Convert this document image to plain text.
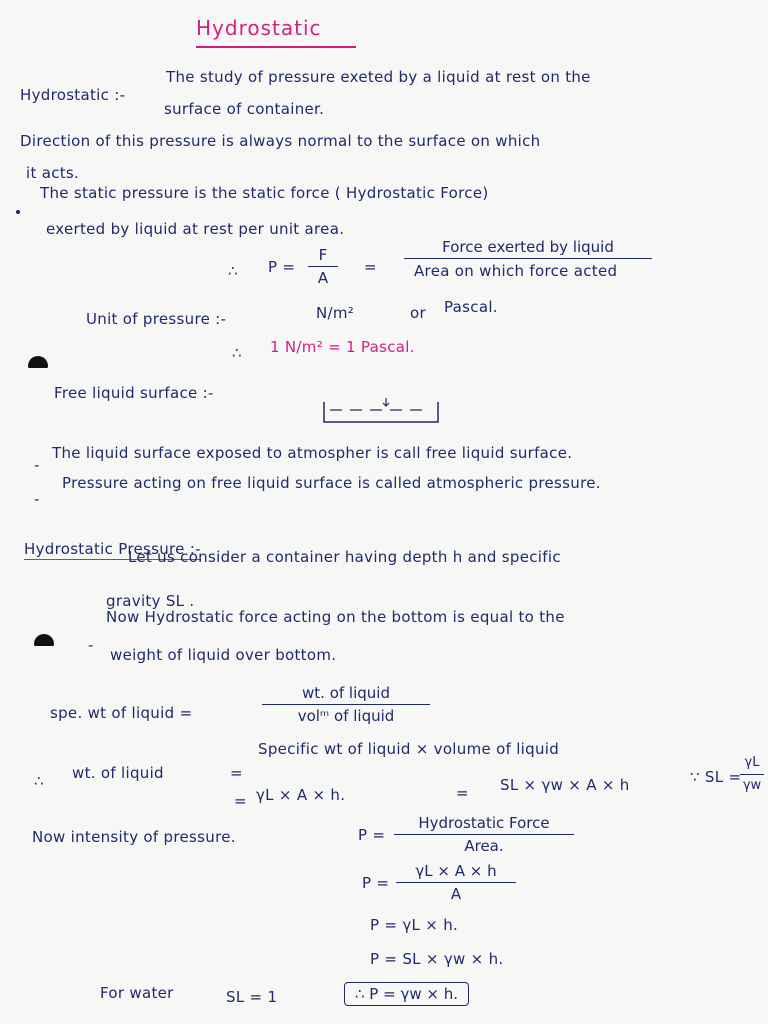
Hydrostatic
Hydrostatic :-
The study of pressure exeted by a liquid at rest on the
surface of container.
Direction of this pressure is always normal to the surface on which
it acts.
The static pressure is the static force ( Hydrostatic Force)
exerted by liquid at rest per unit area.
∴ $P = \frac{F}{A}$ =
Force exerted by liquid
Area on which force acted
Unit of pressure :-	N/m²	or Pascal.
∴ 1 N/m² = 1 Pascal.
Free liquid surface :-
-
The liquid surface exposed to atmospher is call free liquid surface.
-
Pressure acting on free liquid surface is called atmospheric pressure.
Hydrostatic Pressure :-
Let us consider a container having depth h and specific
gravity SL .
-
Now Hydrostatic force acting on the bottom is equal to the
weight of liquid over bottom.
spe. wt of liquid =
wt. of liquid
volᵐ of liquid
∴ wt. of liquid	=
Specific wt of liquid × volume of liquid
= γL × A × h.	= SL × γw × A × h	∵ SL =
$\frac{\gamma L}{\gamma w}$
Now intensity of pressure.	P =
Hydrostatic Force
Area.
$P = \frac{\gamma L \times A \times h}{A}$
P = γL × h.
P = SL × γw × h.
For water	SL = 1	∴ P = γw × h.
